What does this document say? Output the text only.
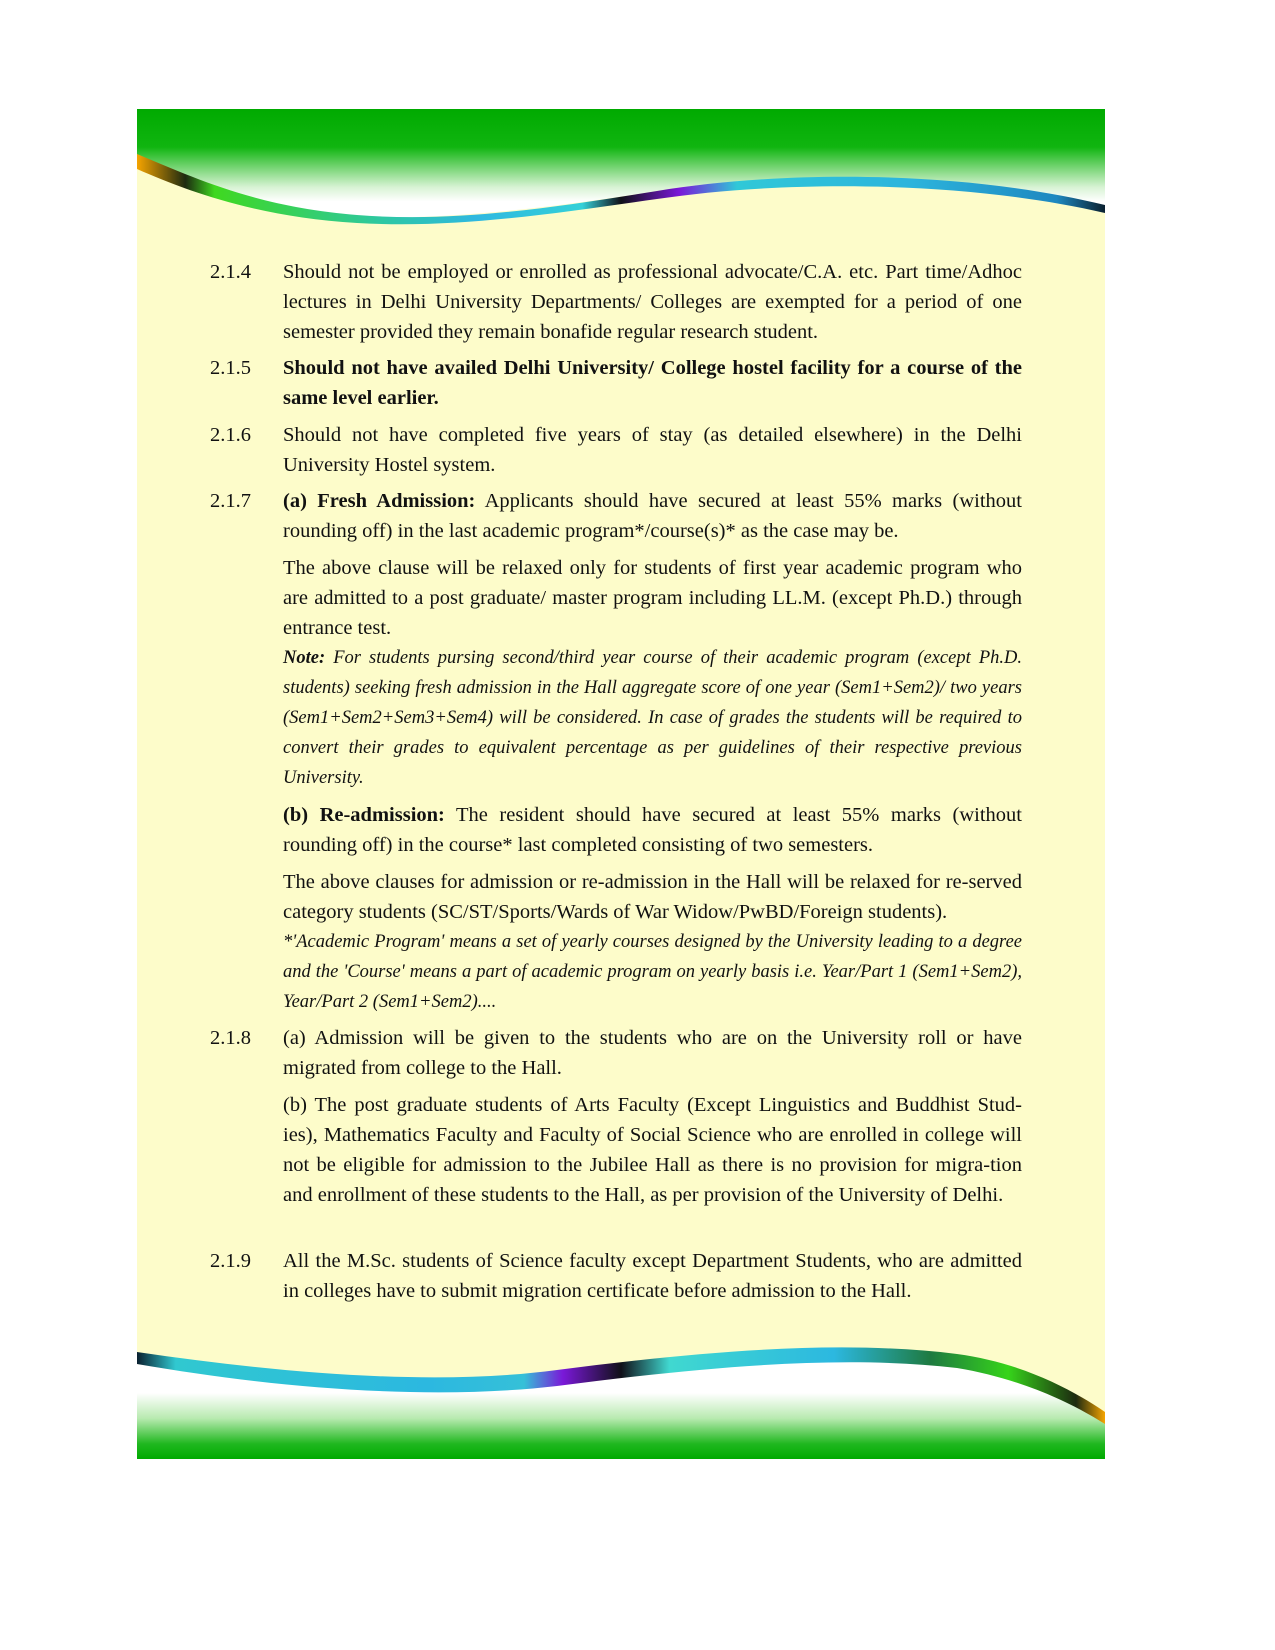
2.1.4	Should not be employed or enrolled as professional advocate/C.A. etc. Part time/Adhoc lectures in Delhi University Departments/ Colleges are exempted for a period of one semester provided they remain bonafide regular research student.

2.1.5	Should not have availed Delhi University/ College hostel facility for a course of the same level earlier.

2.1.6	Should not have completed five years of stay (as detailed elsewhere) in the Delhi University Hostel system.

2.1.7	(a) Fresh Admission: Applicants should have secured at least 55% marks (without rounding off) in the last academic program*/course(s)* as the case may be.

The above clause will be relaxed only for students of first year academic program who are admitted to a post graduate/ master program including LL.M. (except Ph.D.) through entrance test.

Note: For students pursing second/third year course of their academic program (except Ph.D. students) seeking fresh admission in the Hall aggregate score of one year (Sem1+Sem2)/ two years (Sem1+Sem2+Sem3+Sem4) will be considered. In case of grades the students will be required to convert their grades to equivalent percentage as per guidelines of their respective previous University.

(b) Re-admission: The resident should have secured at least 55% marks (without rounding off) in the course* last completed consisting of two semesters.

The above clauses for admission or re-admission in the Hall will be relaxed for re-served category students (SC/ST/Sports/Wards of War Widow/PwBD/Foreign students).

*'Academic Program' means a set of yearly courses designed by the University leading to a degree and the 'Course' means a part of academic program on yearly basis i.e. Year/Part 1 (Sem1+Sem2), Year/Part 2 (Sem1+Sem2)....

2.1.8	(a) Admission will be given to the students who are on the University roll or have migrated from college to the Hall.

(b) The post graduate students of Arts Faculty (Except Linguistics and Buddhist Stud-ies), Mathematics Faculty and Faculty of Social Science who are enrolled in college will not be eligible for admission to the Jubilee Hall as there is no provision for migra-tion and enrollment of these students to the Hall, as per provision of the University of Delhi.

2.1.9	All the M.Sc. students of Science faculty except Department Students, who are admitted in colleges have to submit migration certificate before admission to the Hall.
